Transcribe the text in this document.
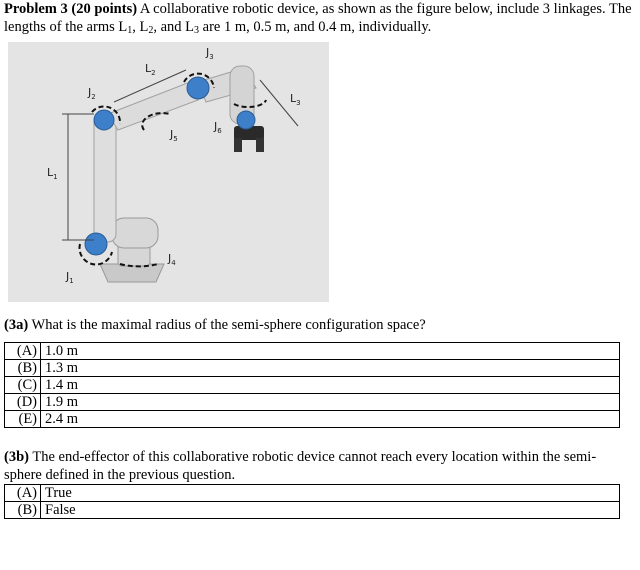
Problem 3 (20 points) A collaborative robotic device, as shown as the figure below, include 3 linkages. The lengths of the arms $L_1$, $L_2$, and $L_3$ are 1 m, 0.5 m, and 0.4 m, individually.
$L_1$
$L_2$
$L_3$
$J_1$
$J_2$
$J_3$
$J_4$
$J_5$
$J_6$
(3a) What is the maximal radius of the semi-sphere configuration space?
(A)	1.0 m
(B)	1.3 m
(C)	1.4 m
(D)	1.9 m
(E)	2.4 m
(3b) The end-effector of this collaborative robotic device cannot reach every location within the semi-sphere defined in the previous question.
(A)	True
(B)	False
